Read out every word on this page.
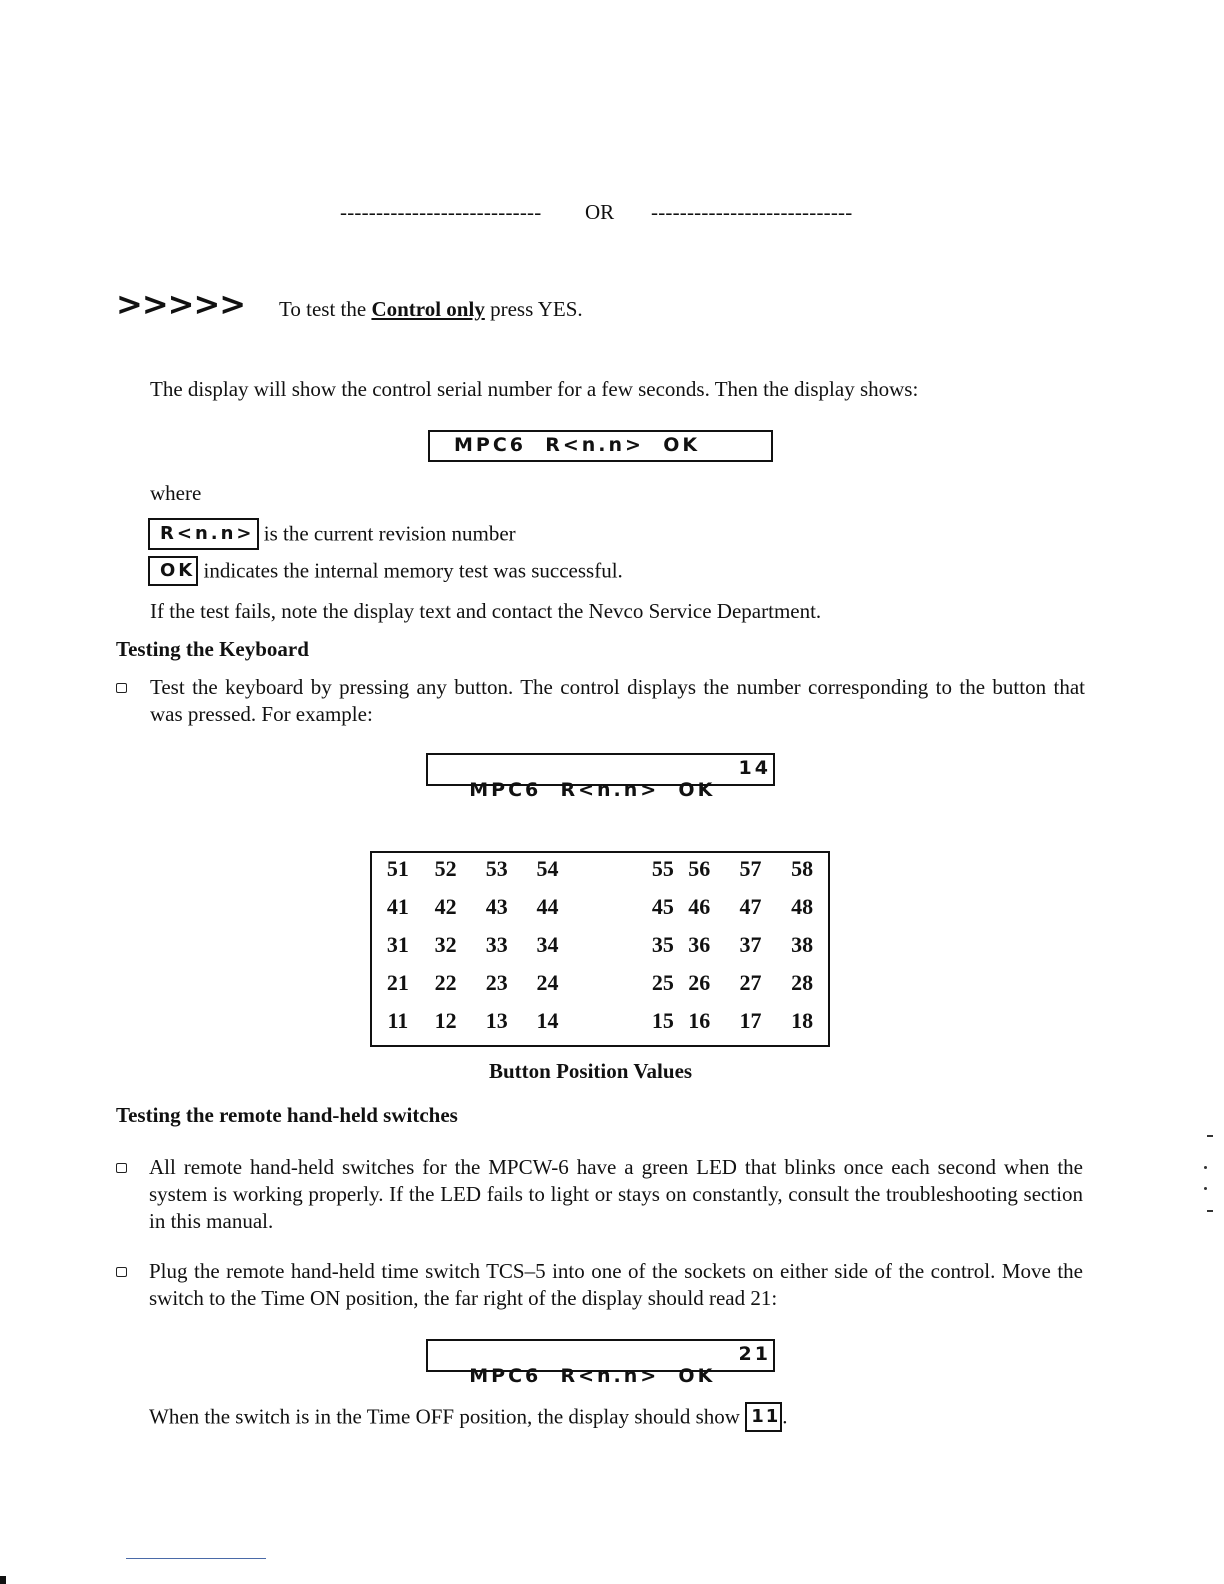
---------------------------- OR ----------------------------
>>>>> To test the Control only press YES.
The display will show the control serial number for a few seconds. Then the display shows:
MPC6  R<n.n>  OK
where
R<n.n> is the current revision number
OK indicates the internal memory test was successful.
If the test fails, note the display text and contact the Nevco Service Department.
Testing the Keyboard
Test the keyboard by pressing any button. The control displays the number corresponding to the button that was pressed. For example:

MPC6  R<n.n>  OK

14

51	52	53	54	55	56	57	58
41	42	43	44	45	46	47	48
31	32	33	34	35	36	37	38
21	22	23	24	25	26	27	28
11	12	13	14	15	16	17	18
Button Position Values
Testing the remote hand-held switches
All remote hand-held switches for the MPCW-6 have a green LED that blinks once each second when the system is working properly. If the LED fails to light or stays on constantly, consult the troubleshooting section in this manual.
Plug the remote hand-held time switch TCS–5 into one of the sockets on either side of the control. Move the switch to the Time ON position, the far right of the display should read 21:

MPC6  R<n.n>  OK

21

When the switch is in the Time OFF position, the display should show 11.
